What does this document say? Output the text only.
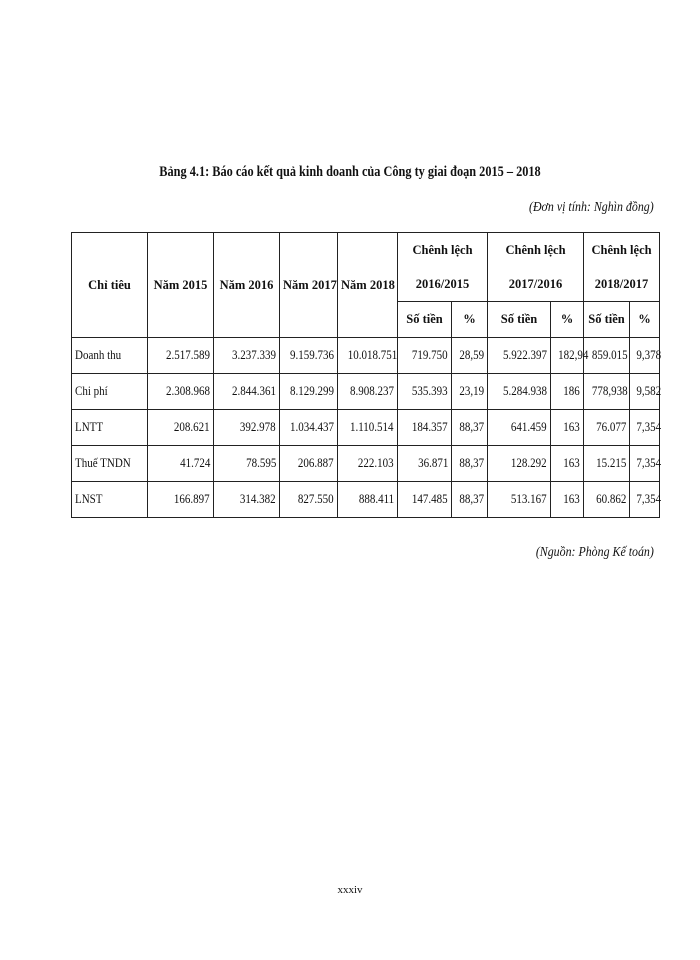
Bảng 4.1: Báo cáo kết quả kinh doanh của Công ty giai đoạn 2015 – 2018
(Đơn vị tính: Nghìn đồng)
Chỉ tiêu	Năm 2015	Năm 2016	Năm 2017	Năm 2018	Chênh lệch		Chênh lệch		Chênh lệch	
					2016/2015		2017/2016		2018/2017	
					Số tiền	%	Số tiền	%	Số tiền	%
Doanh thu	2.517.589	3.237.339	9.159.736	10.018.751	719.750	28,59	5.922.397	182,94	859.015	9,378
Chi phí	2.308.968	2.844.361	8.129.299	8.908.237	535.393	23,19	5.284.938	186	778,938	9,582
LNTT	208.621	392.978	1.034.437	1.110.514	184.357	88,37	641.459	163	76.077	7,354
Thuế TNDN	41.724	78.595	206.887	222.103	36.871	88,37	128.292	163	15.215	7,354
LNST	166.897	314.382	827.550	888.411	147.485	88,37	513.167	163	60.862	7,354
(Nguồn: Phòng Kế toán)
xxxiv
